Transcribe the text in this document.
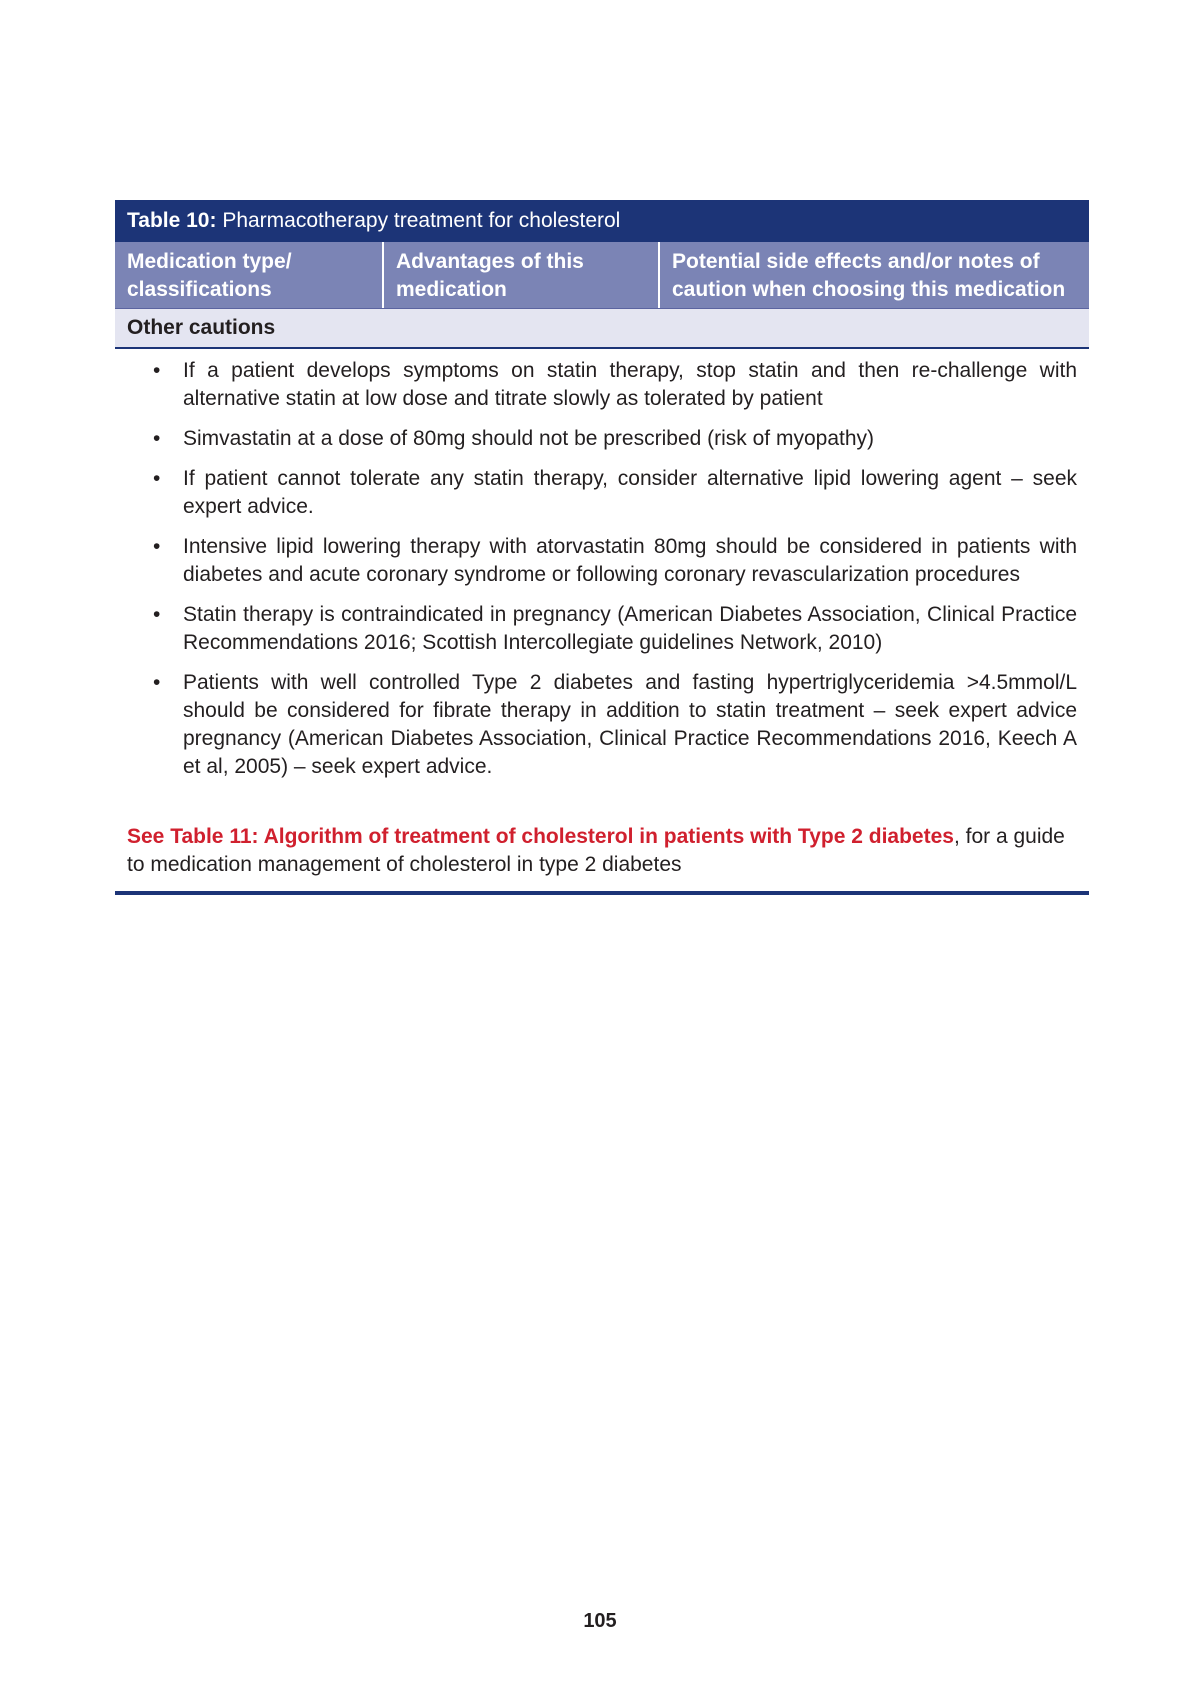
Table 10: Pharmacotherapy treatment for cholesterol
Medication type/ classifications
Advantages of this medication
Potential side effects and/or notes of caution when choosing this medication
Other cautions
• If a patient develops symptoms on statin therapy, stop statin and then re-challenge with alternative statin at low dose and titrate slowly as tolerated by patient
• Simvastatin at a dose of 80mg should not be prescribed (risk of myopathy)
• If patient cannot tolerate any statin therapy, consider alternative lipid lowering agent – seek expert advice.
• Intensive lipid lowering therapy with atorvastatin 80mg should be considered in patients with diabetes and acute coronary syndrome or following coronary revascularization procedures
• Statin therapy is contraindicated in pregnancy (American Diabetes Association, Clinical Practice Recommendations 2016; Scottish Intercollegiate guidelines Network, 2010)
• Patients with well controlled Type 2 diabetes and fasting hypertriglyceridemia >4.5mmol/L should be considered for fibrate therapy in addition to statin treatment – seek expert advice pregnancy (American Diabetes Association, Clinical Practice Recommendations 2016, Keech A et al, 2005) – seek expert advice.
See Table 11: Algorithm of treatment of cholesterol in patients with Type 2 diabetes, for a guide to medication management of cholesterol in type 2 diabetes
105
